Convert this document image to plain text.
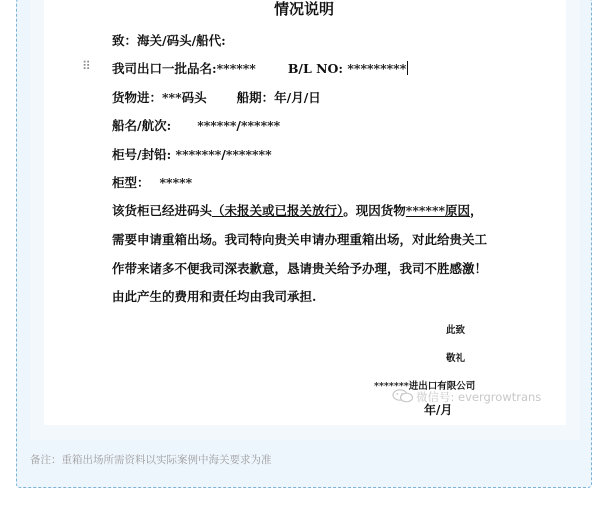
情况说明
致：海关/码头/船代:
⠿ 我司出口一批品名:******	B/L NO: *********
货物进：***码头 船期：年/月/日
船名/航次: ******/******
柜号/封铅: *******/*******
柜型： *****
该货柜已经进码头（未报关或已报关放行）。现因货物******原因，
需要申请重箱出场。我司特向贵关申请办理重箱出场，对此给贵关工
作带来诸多不便我司深表歉意，恳请贵关给予办理，我司不胜感激！
由此产生的费用和责任均由我司承担.
此致
敬礼
*******进出口有限公司
年/月
微信号: evergrowtrans
备注：重箱出场所需资料以实际案例中海关要求为准
